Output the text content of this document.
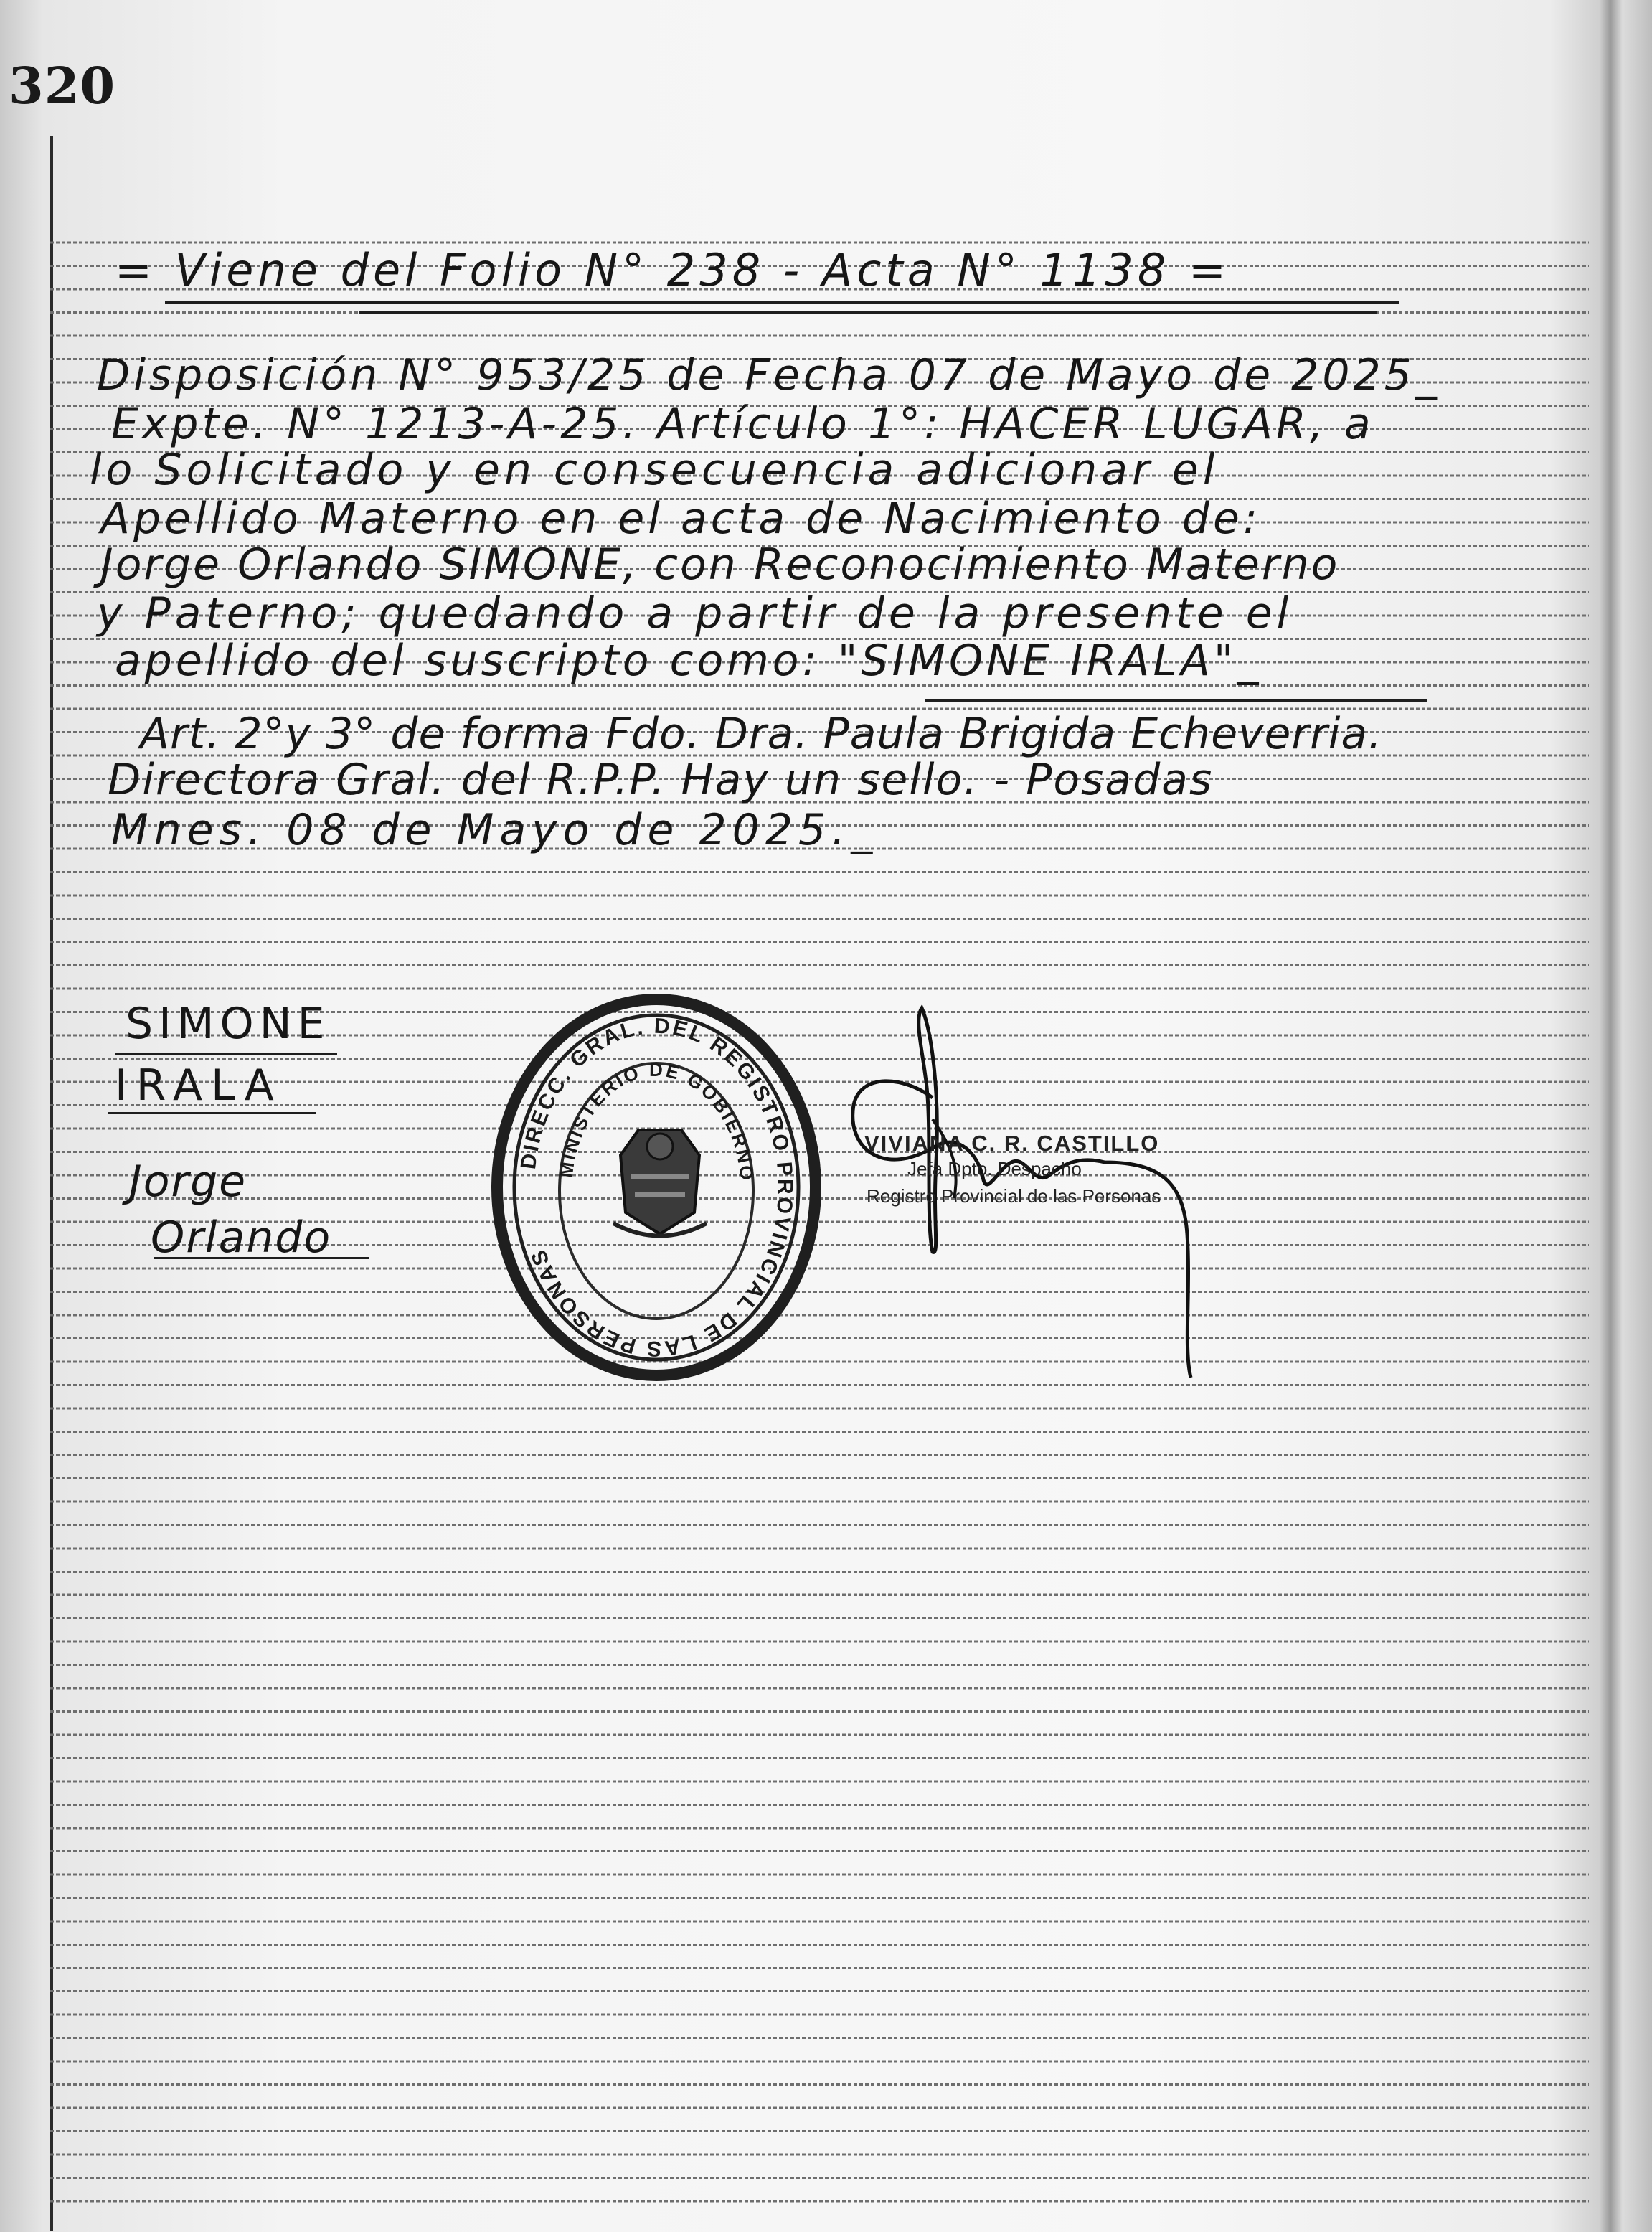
320
= Viene del Folio N° 238 - Acta N° 1138 =
Disposición N° 953/25 de Fecha 07 de Mayo de 2025_
Expte. N° 1213-A-25. Artículo 1°: HACER LUGAR, a
lo Solicitado y en consecuencia adicionar el
Apellido Materno en el acta de Nacimiento de:
Jorge Orlando SIMONE, con Reconocimiento Materno
y Paterno; quedando a partir de la presente el
apellido del suscripto como: "SIMONE IRALA"_
Art. 2°y 3° de forma Fdo. Dra. Paula Brigida Echeverria.
Directora Gral. del R.P.P. Hay un sello. - Posadas
Mnes. 08 de Mayo de 2025._
SIMONE
IRALA
Jorge
Orlando
DIRECC. GRAL. DEL REGISTRO PROVINCIAL DE LAS PERSONAS
MINISTERIO DE GOBIERNO
VIVIANA C. R. CASTILLO
Jefa Dpto. Despacho
Registro Provincial de las Personas
